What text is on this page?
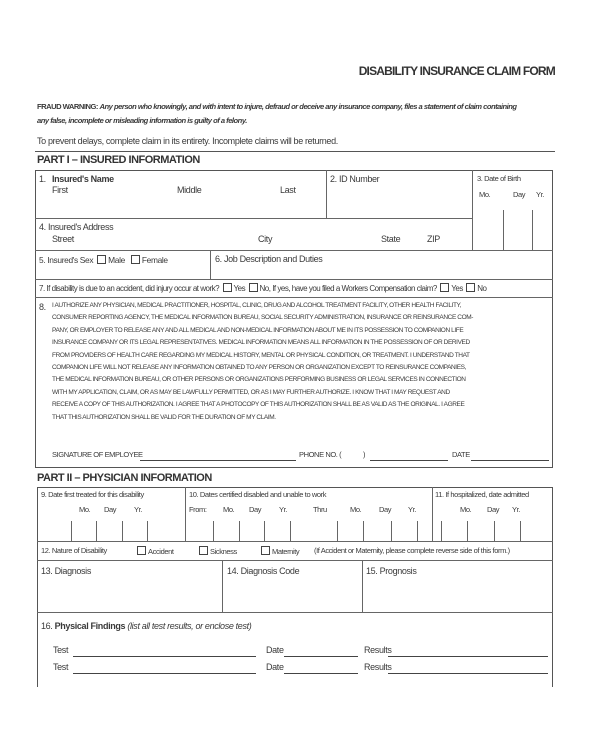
DISABILITY INSURANCE CLAIM FORM
FRAUD WARNING: Any person who knowingly, and with intent to injure, defraud or deceive any insurance company, files a statement of claim containing
any false, incomplete or misleading information is guilty of a felony.
To prevent delays, complete claim in its entirety. Incomplete claims will be returned.
PART I – INSURED INFORMATION
1. Insured's Name
First	Middle	Last
2. ID Number	3. Date of Birth
Mo.	Day Yr.
4. Insured's Address
Street	City	State	ZIP
5. Insured's Sex Male Female	6. Job Description and Duties
7. If disability is due to an accident, did injury occur at work? Yes No, If yes, have you filed a Workers Compensation claim? Yes No
8. I AUTHORIZE ANY PHYSICIAN, MEDICAL PRACTITIONER, HOSPITAL, CLINIC, DRUG AND ALCOHOL TREATMENT FACILITY, OTHER HEALTH FACILITY,
CONSUMER REPORTING AGENCY, THE MEDICAL INFORMATION BUREAU, SOCIAL SECURITY ADMINISTRATION, INSURANCE OR REINSURANCE COM-
PANY, OR EMPLOYER TO RELEASE ANY AND ALL MEDICAL AND NON-MEDICAL INFORMATION ABOUT ME IN ITS POSSESSION TO COMPANION LIFE
INSURANCE COMPANY OR ITS LEGAL REPRESENTATIVES. MEDICAL INFORMATION MEANS ALL INFORMATION IN THE POSSESSION OF OR DERIVED
FROM PROVIDERS OF HEALTH CARE REGARDING MY MEDICAL HISTORY, MENTAL OR PHYSICAL CONDITION, OR TREATMENT. I UNDERSTAND THAT
COMPANION LIFE WILL NOT RELEASE ANY INFORMATION OBTAINED TO ANY PERSON OR ORGANIZATION EXCEPT TO REINSURANCE COMPANIES,
THE MEDICAL INFORMATION BUREAU, OR OTHER PERSONS OR ORGANIZATIONS PERFORMING BUSINESS OR LEGAL SERVICES IN CONNECTION
WITH MY APPLICATION, CLAIM, OR AS MAY BE LAWFULLY PERMITTED, OR AS I MAY FURTHER AUTHORIZE. I KNOW THAT I MAY REQUEST AND
RECEIVE A COPY OF THIS AUTHORIZATION. I AGREE THAT A PHOTOCOPY OF THIS AUTHORIZATION SHALL BE AS VALID AS THE ORIGINAL. I AGREE
THAT THIS AUTHORIZATION SHALL BE VALID FOR THE DURATION OF MY CLAIM.
SIGNATURE OF EMPLOYEE	PHONE NO. (	)	DATE
PART II – PHYSICIAN INFORMATION
9. Date first treated for this disability
Mo. Day Yr.
10. Dates certified disabled and unable to work
From: Mo. Day Yr.	Thru	Mo. Day Yr.
11. If hospitalized, date admitted
Mo. Day Yr.
12. Nature of Disability	Accident	Sickness	Maternity (If Accident or Maternity, please complete reverse side of this form.)
13. Diagnosis	14. Diagnosis Code	15. Prognosis
16. Physical Findings (list all test results, or enclose test)
Test	Date	Results
Test	Date	Results
